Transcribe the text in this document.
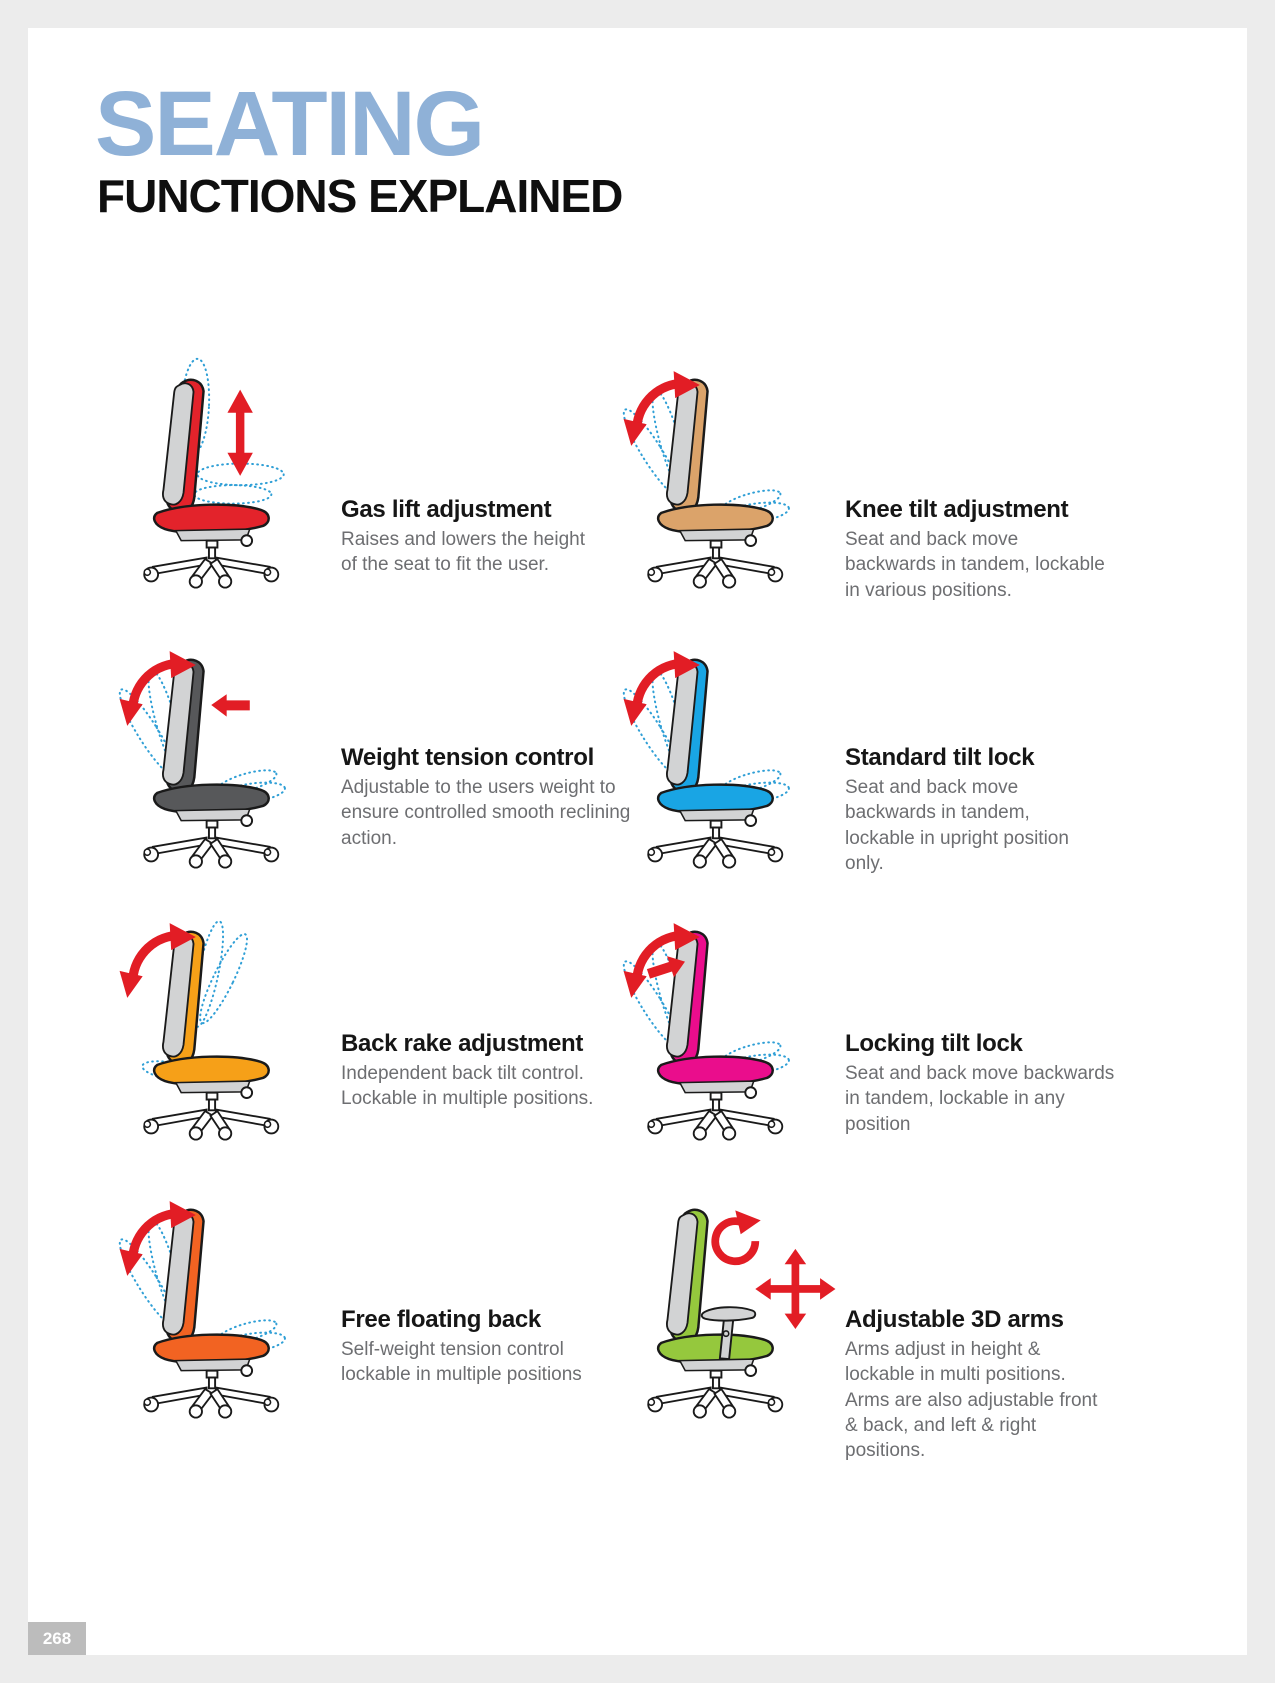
SEATING
FUNCTIONS EXPLAINED
Gas lift adjustment

Raises and lowers the height of the seat to fit the user.

Knee tilt adjustment

Seat and back move backwards in tandem, lockable in various positions.

Weight tension control

Adjustable to the users weight to ensure controlled smooth reclining action.

Standard tilt lock

Seat and back move backwards in tandem, lockable in upright position only.

Back rake adjustment

Independent back tilt control. Lockable in multiple positions.

Locking tilt lock

Seat and back move backwards in tandem, lockable in any position

Free floating back

Self-weight tension control lockable in multiple positions

Adjustable 3D arms

Arms adjust in height & lockable in multi positions. Arms are also adjustable front & back, and left & right positions.

268
